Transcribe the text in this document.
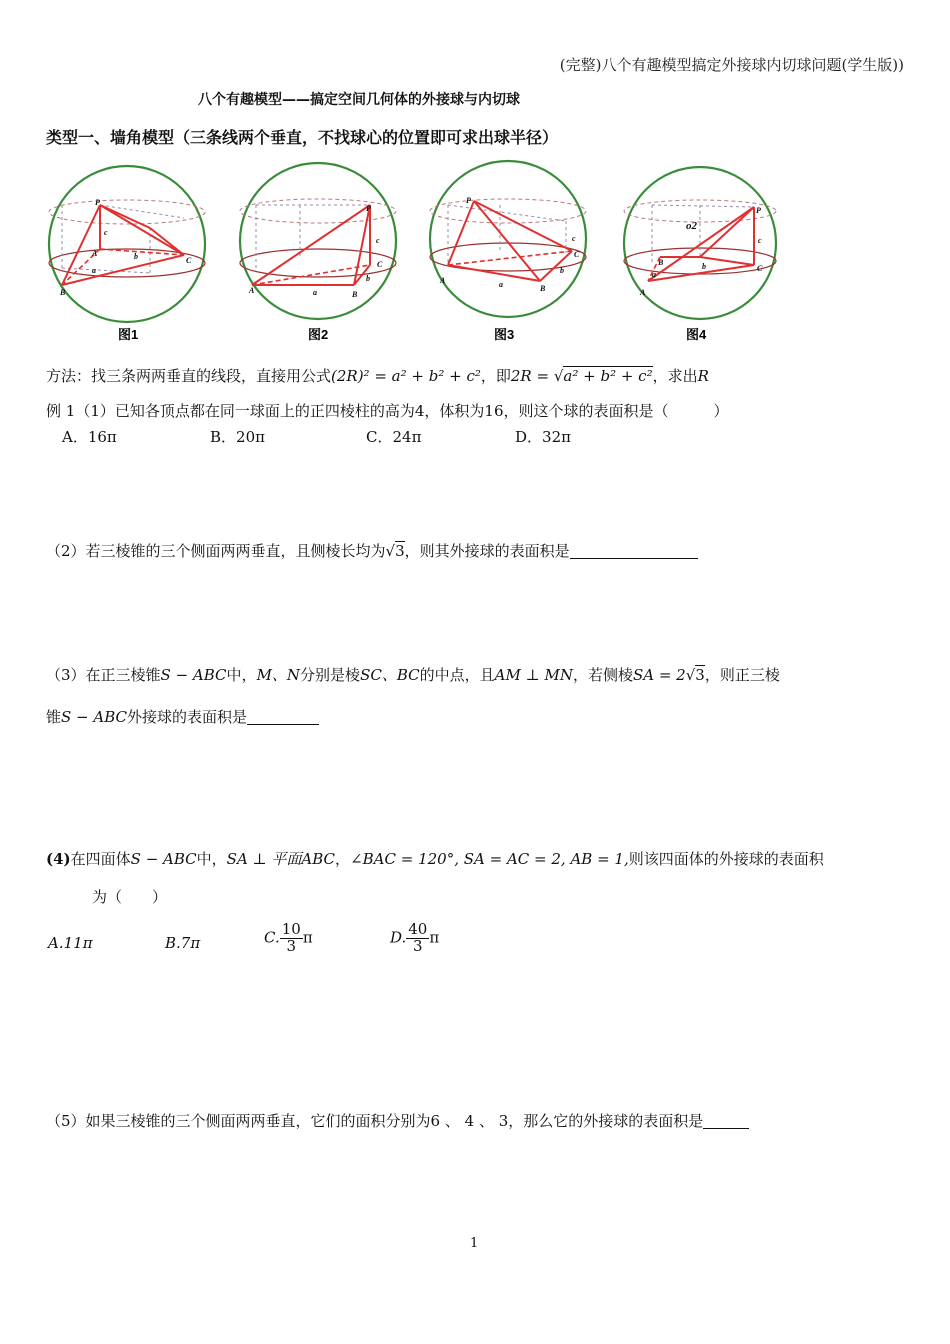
(完整)八个有趣模型搞定外接球内切球问题(学生版))
八个有趣模型——搞定空间几何体的外接球与内切球
类型一、墙角模型（三条线两个垂直，不找球心的位置即可求出球半径）
P
A
B
C
a
b
c
图1
P
A	B
C
a
b
c
图2
P
A
B
C
a
b
c
图3
P
B
C
A
a
b
c
o2
图4
方法：找三条两两垂直的线段，直接用公式(2R)² = a² + b² + c²，即2R = √a² + b² + c²，求出R
例 1（1）已知各顶点都在同一球面上的正四棱柱的高为4，体积为16，则这个球的表面积是（　　　）
A．16π	B．20π	C．24π	D．32π
（2）若三棱锥的三个侧面两两垂直，且侧棱长均为√3，则其外接球的表面积是
（3）在正三棱锥S − ABC中，M、N分别是棱SC、BC的中点，且AM ⊥ MN，若侧棱SA = 2√3，则正三棱
锥S − ABC外接球的表面积是
(4)在四面体S − ABC中，SA ⊥ 平面ABC，∠BAC = 120°, SA = AC = 2, AB = 1,则该四面体的外接球的表面积
为（　　）
A.11π	B.7π	C. $\frac{10}{3}$ π	D. $\frac{40}{3}$ π
（5）如果三棱锥的三个侧面两两垂直，它们的面积分别为6 、 4 、 3，那么它的外接球的表面积是
1
